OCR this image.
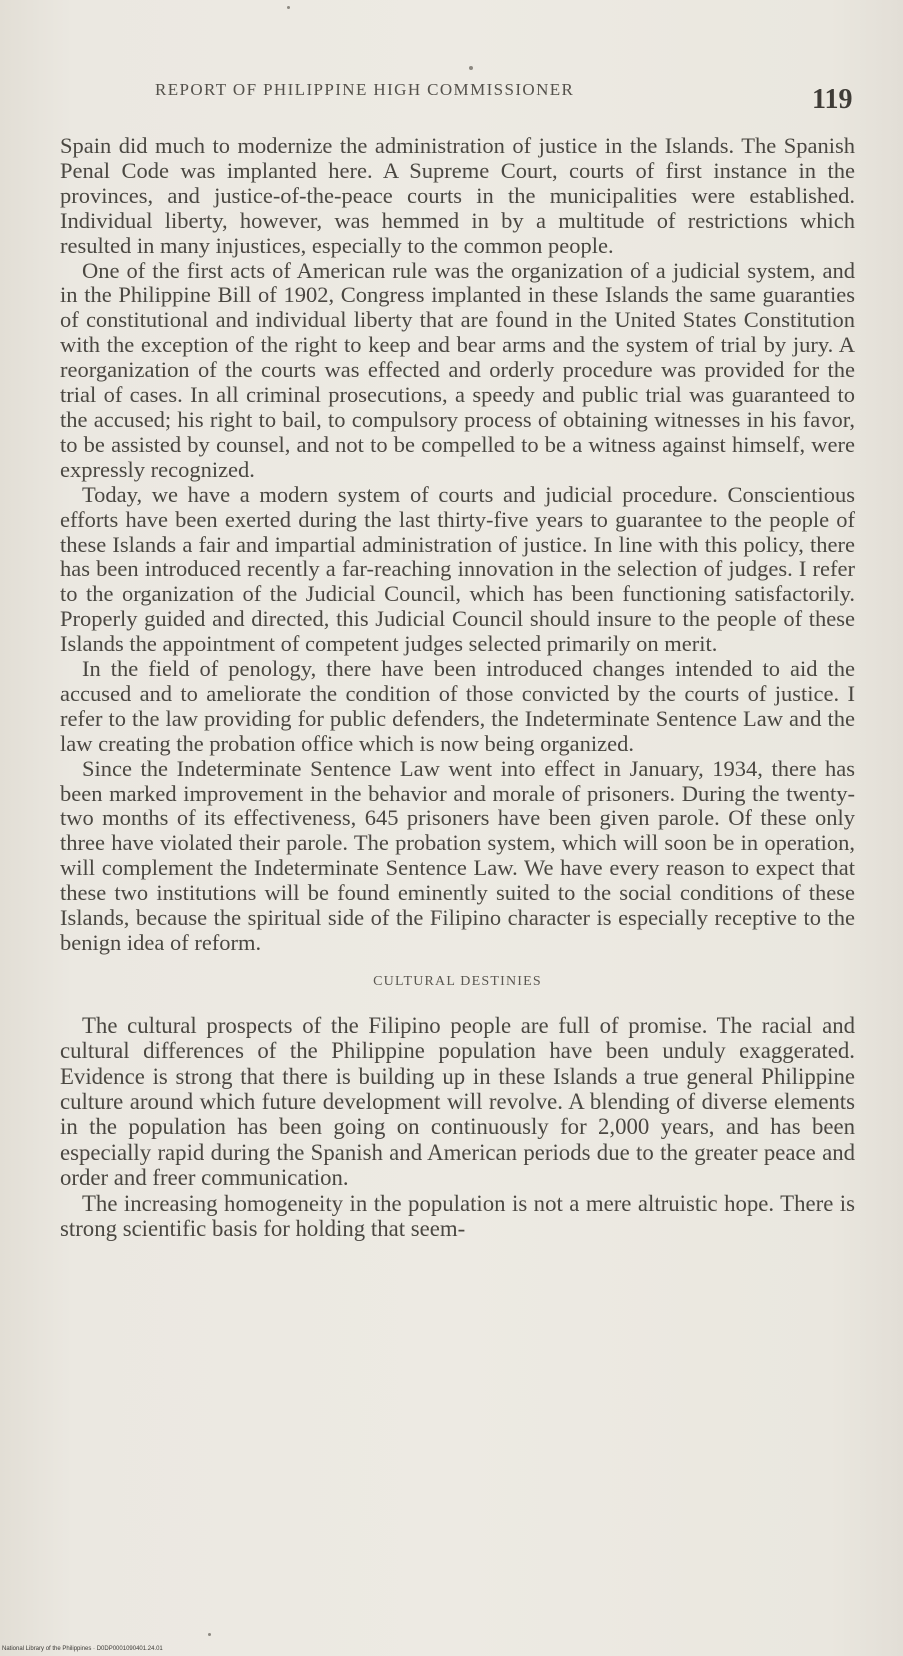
REPORT OF PHILIPPINE HIGH COMMISSIONER	119

Spain did much to modernize the administration of justice in the Islands. The Spanish Penal Code was implanted here. A Supreme Court, courts of first instance in the provinces, and justice-of-the-peace courts in the municipalities were established. Individual liberty, however, was hemmed in by a multitude of restrictions which resulted in many injustices, especially to the common people.

One of the first acts of American rule was the organization of a judicial system, and in the Philippine Bill of 1902, Congress implanted in these Islands the same guaranties of constitutional and individual liberty that are found in the United States Constitution with the exception of the right to keep and bear arms and the system of trial by jury. A reorganization of the courts was effected and orderly procedure was provided for the trial of cases. In all criminal prosecutions, a speedy and public trial was guaranteed to the accused; his right to bail, to compulsory process of obtaining witnesses in his favor, to be assisted by counsel, and not to be compelled to be a witness against himself, were expressly recognized.

Today, we have a modern system of courts and judicial procedure. Conscientious efforts have been exerted during the last thirty-five years to guarantee to the people of these Islands a fair and impartial administration of justice. In line with this policy, there has been introduced recently a far-reaching innovation in the selection of judges. I refer to the organization of the Judicial Council, which has been functioning satisfactorily. Properly guided and directed, this Judicial Council should insure to the people of these Islands the appointment of competent judges selected primarily on merit.

In the field of penology, there have been introduced changes intended to aid the accused and to ameliorate the condition of those convicted by the courts of justice. I refer to the law providing for public defenders, the Indeterminate Sentence Law and the law creating the probation office which is now being organized.

Since the Indeterminate Sentence Law went into effect in January, 1934, there has been marked improvement in the behavior and morale of prisoners. During the twenty-two months of its effectiveness, 645 prisoners have been given parole. Of these only three have violated their parole. The probation system, which will soon be in operation, will complement the Indeterminate Sentence Law. We have every reason to expect that these two institutions will be found eminently suited to the social conditions of these Islands, because the spiritual side of the Filipino character is especially receptive to the benign idea of reform.

CULTURAL DESTINIES

The cultural prospects of the Filipino people are full of promise. The racial and cultural differences of the Philippine population have been unduly exaggerated. Evidence is strong that there is building up in these Islands a true general Philippine culture around which future development will revolve. A blending of diverse elements in the population has been going on continuously for 2,000 years, and has been especially rapid during the Spanish and American periods due to the greater peace and order and freer communication.

The increasing homogeneity in the population is not a mere altruistic hope. There is strong scientific basis for holding that seem-

National Library of the Philippines · D0DP0001090401.24.01
